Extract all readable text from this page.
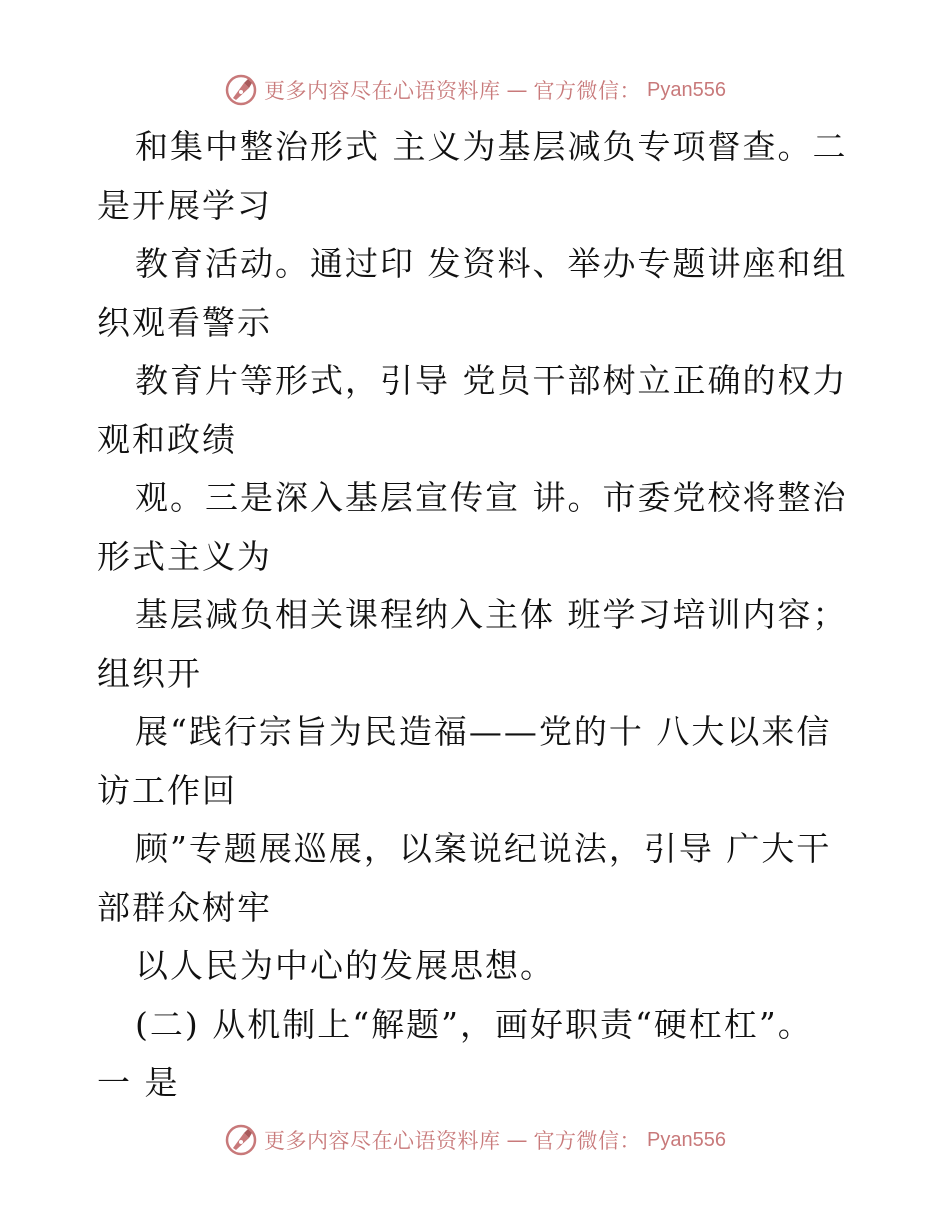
更多内容尽在心语资料库 — 官方微信： Pyan556
和集中整治形式 主义为基层减负专项督查。二
是开展学习
教育活动。通过印 发资料、举办专题讲座和组
织观看警示
教育片等形式，引导 党员干部树立正确的权力
观和政绩
观。三是深入基层宣传宣 讲。市委党校将整治
形式主义为
基层减负相关课程纳入主体 班学习培训内容；
组织开
展“践行宗旨为民造福——党的十 八大以来信
访工作回
顾”专题展巡展，以案说纪说法，引导 广大干
部群众树牢
以人民为中心的发展思想。
(二) 从机制上“解题”，画好职责“硬杠杠”。
一 是
更多内容尽在心语资料库 — 官方微信： Pyan556
